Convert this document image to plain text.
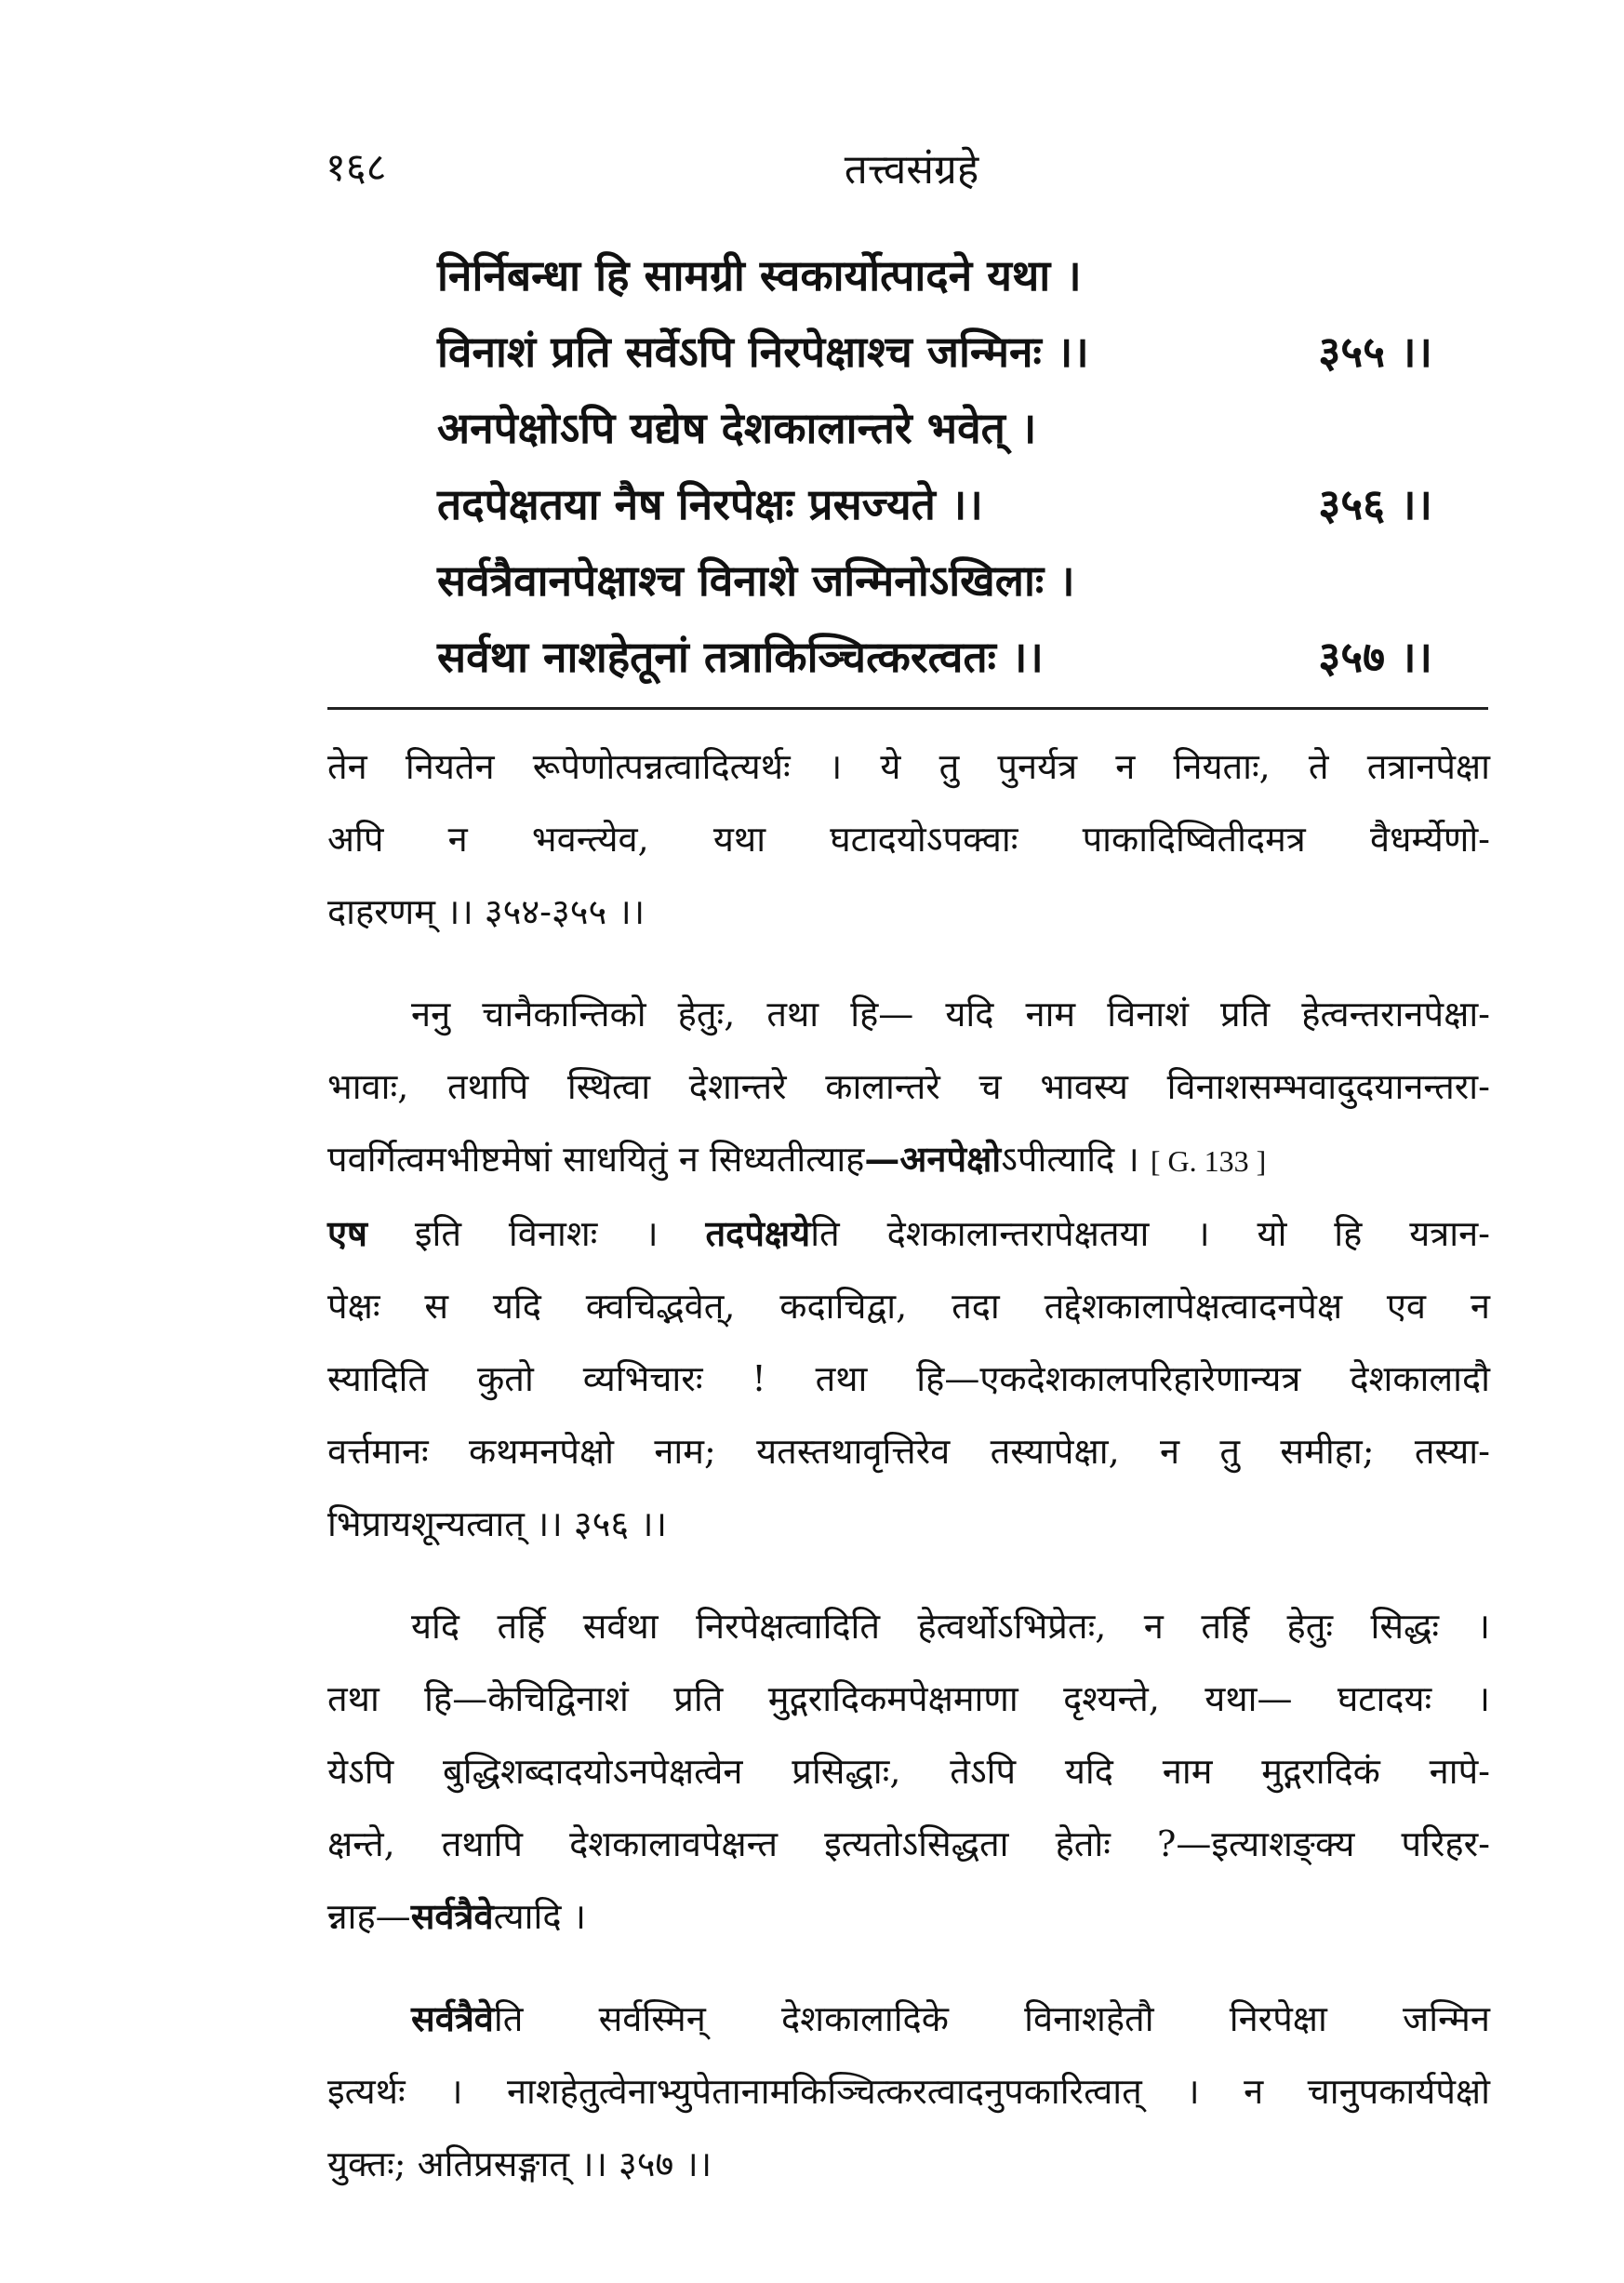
१६८	तत्त्वसंग्रहे
निर्निबन्धा हि सामग्री स्वकार्योत्पादने यथा ।
विनाशं प्रति सर्वेऽपि निरपेक्षाश्च जन्मिनः ।।	३५५ ।।
अनपेक्षोऽपि यद्येष देशकालान्तरे भवेत् ।
तदपेक्षतया नैष निरपेक्षः प्रसज्यते ।।	३५६ ।।
सर्वत्रैवानपेक्षाश्च विनाशे जन्मिनोऽखिलाः ।
सर्वथा नाशहेतूनां तत्राकिञ्चित्करत्वतः ।।	३५७ ।।

तेन नियतेन रूपेणोत्पन्नत्वादित्यर्थः । ये तु पुनर्यत्र न नियताः, ते तत्रानपेक्षा
अपि न भवन्त्येव, यथा घटादयोऽपक्वाः पाकादिष्वितीदमत्र वैधर्म्येणो-
दाहरणम् ।। ३५४-३५५ ।।

ननु चानैकान्तिको हेतुः, तथा हि— यदि नाम विनाशं प्रति हेत्वन्तरानपेक्षा-
भावाः, तथापि स्थित्वा देशान्तरे कालान्तरे च भावस्य विनाशसम्भवादुदयानन्तरा-
पवर्गित्वमभीष्टमेषां साधयितुं न सिध्यतीत्याह—अनपेक्षोऽपीत्यादि । [ G. 133 ]
एष इति विनाशः । तदपेक्षयेति देशकालान्तरापेक्षतया । यो हि यत्रान-
पेक्षः स यदि क्वचिद्भवेत्, कदाचिद्वा, तदा तद्देशकालापेक्षत्वादनपेक्ष एव न
स्यादिति कुतो व्यभिचारः ! तथा हि—एकदेशकालपरिहारेणान्यत्र देशकालादौ
वर्त्तमानः कथमनपेक्षो नाम; यतस्तथावृत्तिरेव तस्यापेक्षा, न तु समीहा; तस्या-
भिप्रायशून्यत्वात् ।। ३५६ ।।

यदि तर्हि सर्वथा निरपेक्षत्वादिति हेत्वर्थोऽभिप्रेतः, न तर्हि हेतुः सिद्धः ।
तथा हि—केचिद्विनाशं प्रति मुद्गरादिकमपेक्षमाणा दृश्यन्ते, यथा— घटादयः ।
येऽपि बुद्धिशब्दादयोऽनपेक्षत्वेन प्रसिद्धाः, तेऽपि यदि नाम मुद्गरादिकं नापे-
क्षन्ते, तथापि देशकालावपेक्षन्त इत्यतोऽसिद्धता हेतोः ?—इत्याशङ्क्य परिहर-
न्नाह—सर्वत्रैवेत्यादि ।

सर्वत्रैवेति सर्वस्मिन् देशकालादिके विनाशहेतौ निरपेक्षा जन्मिन
इत्यर्थः । नाशहेतुत्वेनाभ्युपेतानामकिञ्चित्करत्वादनुपकारित्वात् । न चानुपकार्यपेक्षो
युक्तः; अतिप्रसङ्गात् ।। ३५७ ।।
